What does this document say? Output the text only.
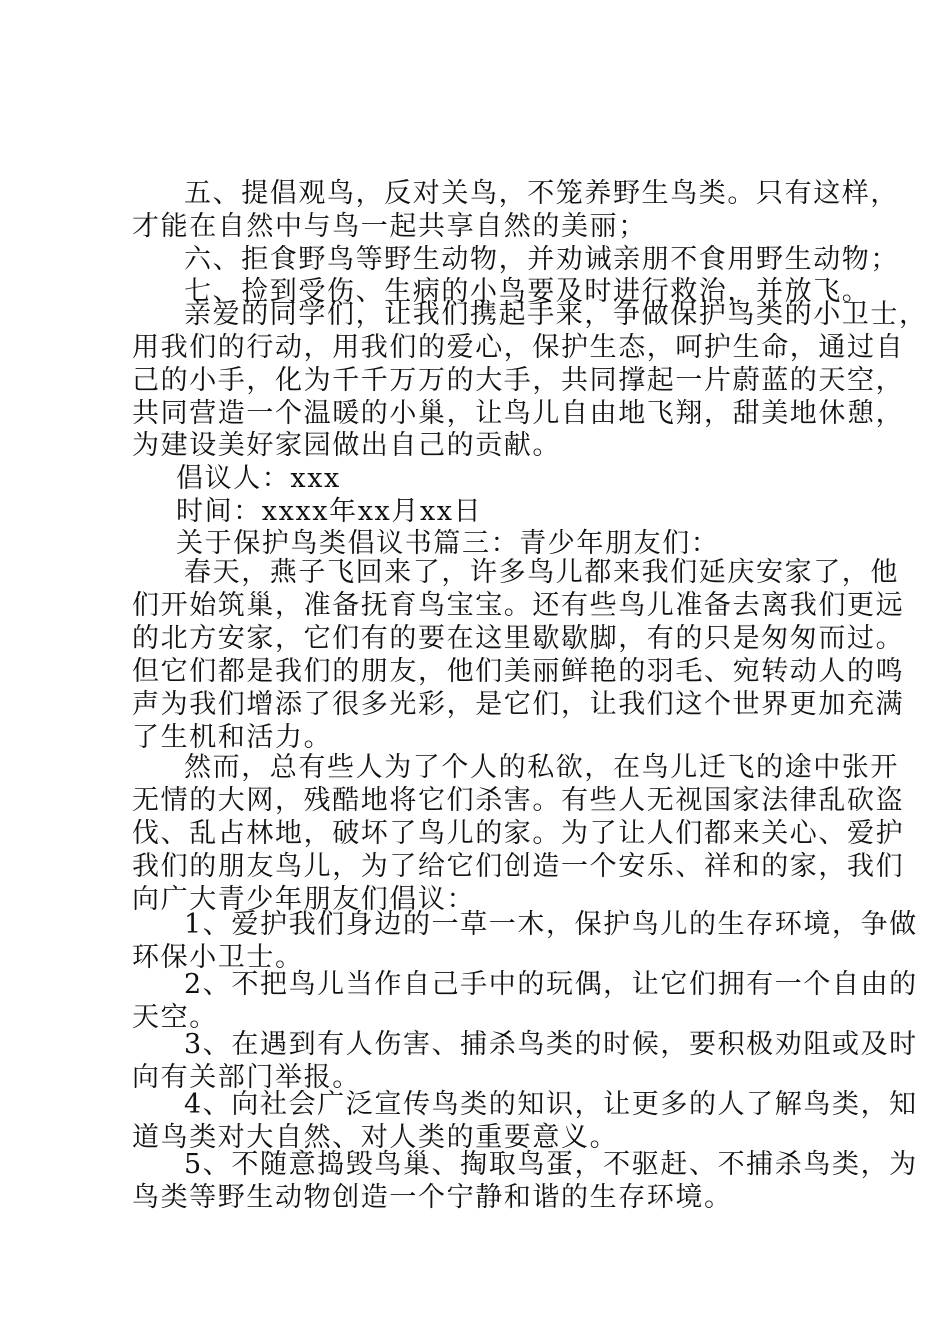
五、提倡观鸟，反对关鸟，不笼养野生鸟类。只有这样，
才能在自然中与鸟一起共享自然的美丽；
六、拒食野鸟等野生动物，并劝诫亲朋不食用野生动物；
七、捡到受伤、生病的小鸟要及时进行救治，并放飞。
亲爱的同学们，让我们携起手来，争做保护鸟类的小卫士，
用我们的行动，用我们的爱心，保护生态，呵护生命，通过自
己的小手，化为千千万万的大手，共同撑起一片蔚蓝的天空，
共同营造一个温暖的小巢，让鸟儿自由地飞翔，甜美地休憩，
为建设美好家园做出自己的贡献。
倡议人：xxx
时间：xxxx年xx月xx日
关于保护鸟类倡议书篇三：青少年朋友们：
春天，燕子飞回来了，许多鸟儿都来我们延庆安家了，他
们开始筑巢，准备抚育鸟宝宝。还有些鸟儿准备去离我们更远
的北方安家，它们有的要在这里歇歇脚，有的只是匆匆而过。
但它们都是我们的朋友，他们美丽鲜艳的羽毛、宛转动人的鸣
声为我们增添了很多光彩，是它们，让我们这个世界更加充满
了生机和活力。
然而，总有些人为了个人的私欲，在鸟儿迁飞的途中张开
无情的大网，残酷地将它们杀害。有些人无视国家法律乱砍盗
伐、乱占林地，破坏了鸟儿的家。为了让人们都来关心、爱护
我们的朋友鸟儿，为了给它们创造一个安乐、祥和的家，我们
向广大青少年朋友们倡议：
1、爱护我们身边的一草一木，保护鸟儿的生存环境，争做
环保小卫士。
2、不把鸟儿当作自己手中的玩偶，让它们拥有一个自由的
天空。
3、在遇到有人伤害、捕杀鸟类的时候，要积极劝阻或及时
向有关部门举报。
4、向社会广泛宣传鸟类的知识，让更多的人了解鸟类，知
道鸟类对大自然、对人类的重要意义。
5、不随意捣毁鸟巢、掏取鸟蛋，不驱赶、不捕杀鸟类，为
鸟类等野生动物创造一个宁静和谐的生存环境。
